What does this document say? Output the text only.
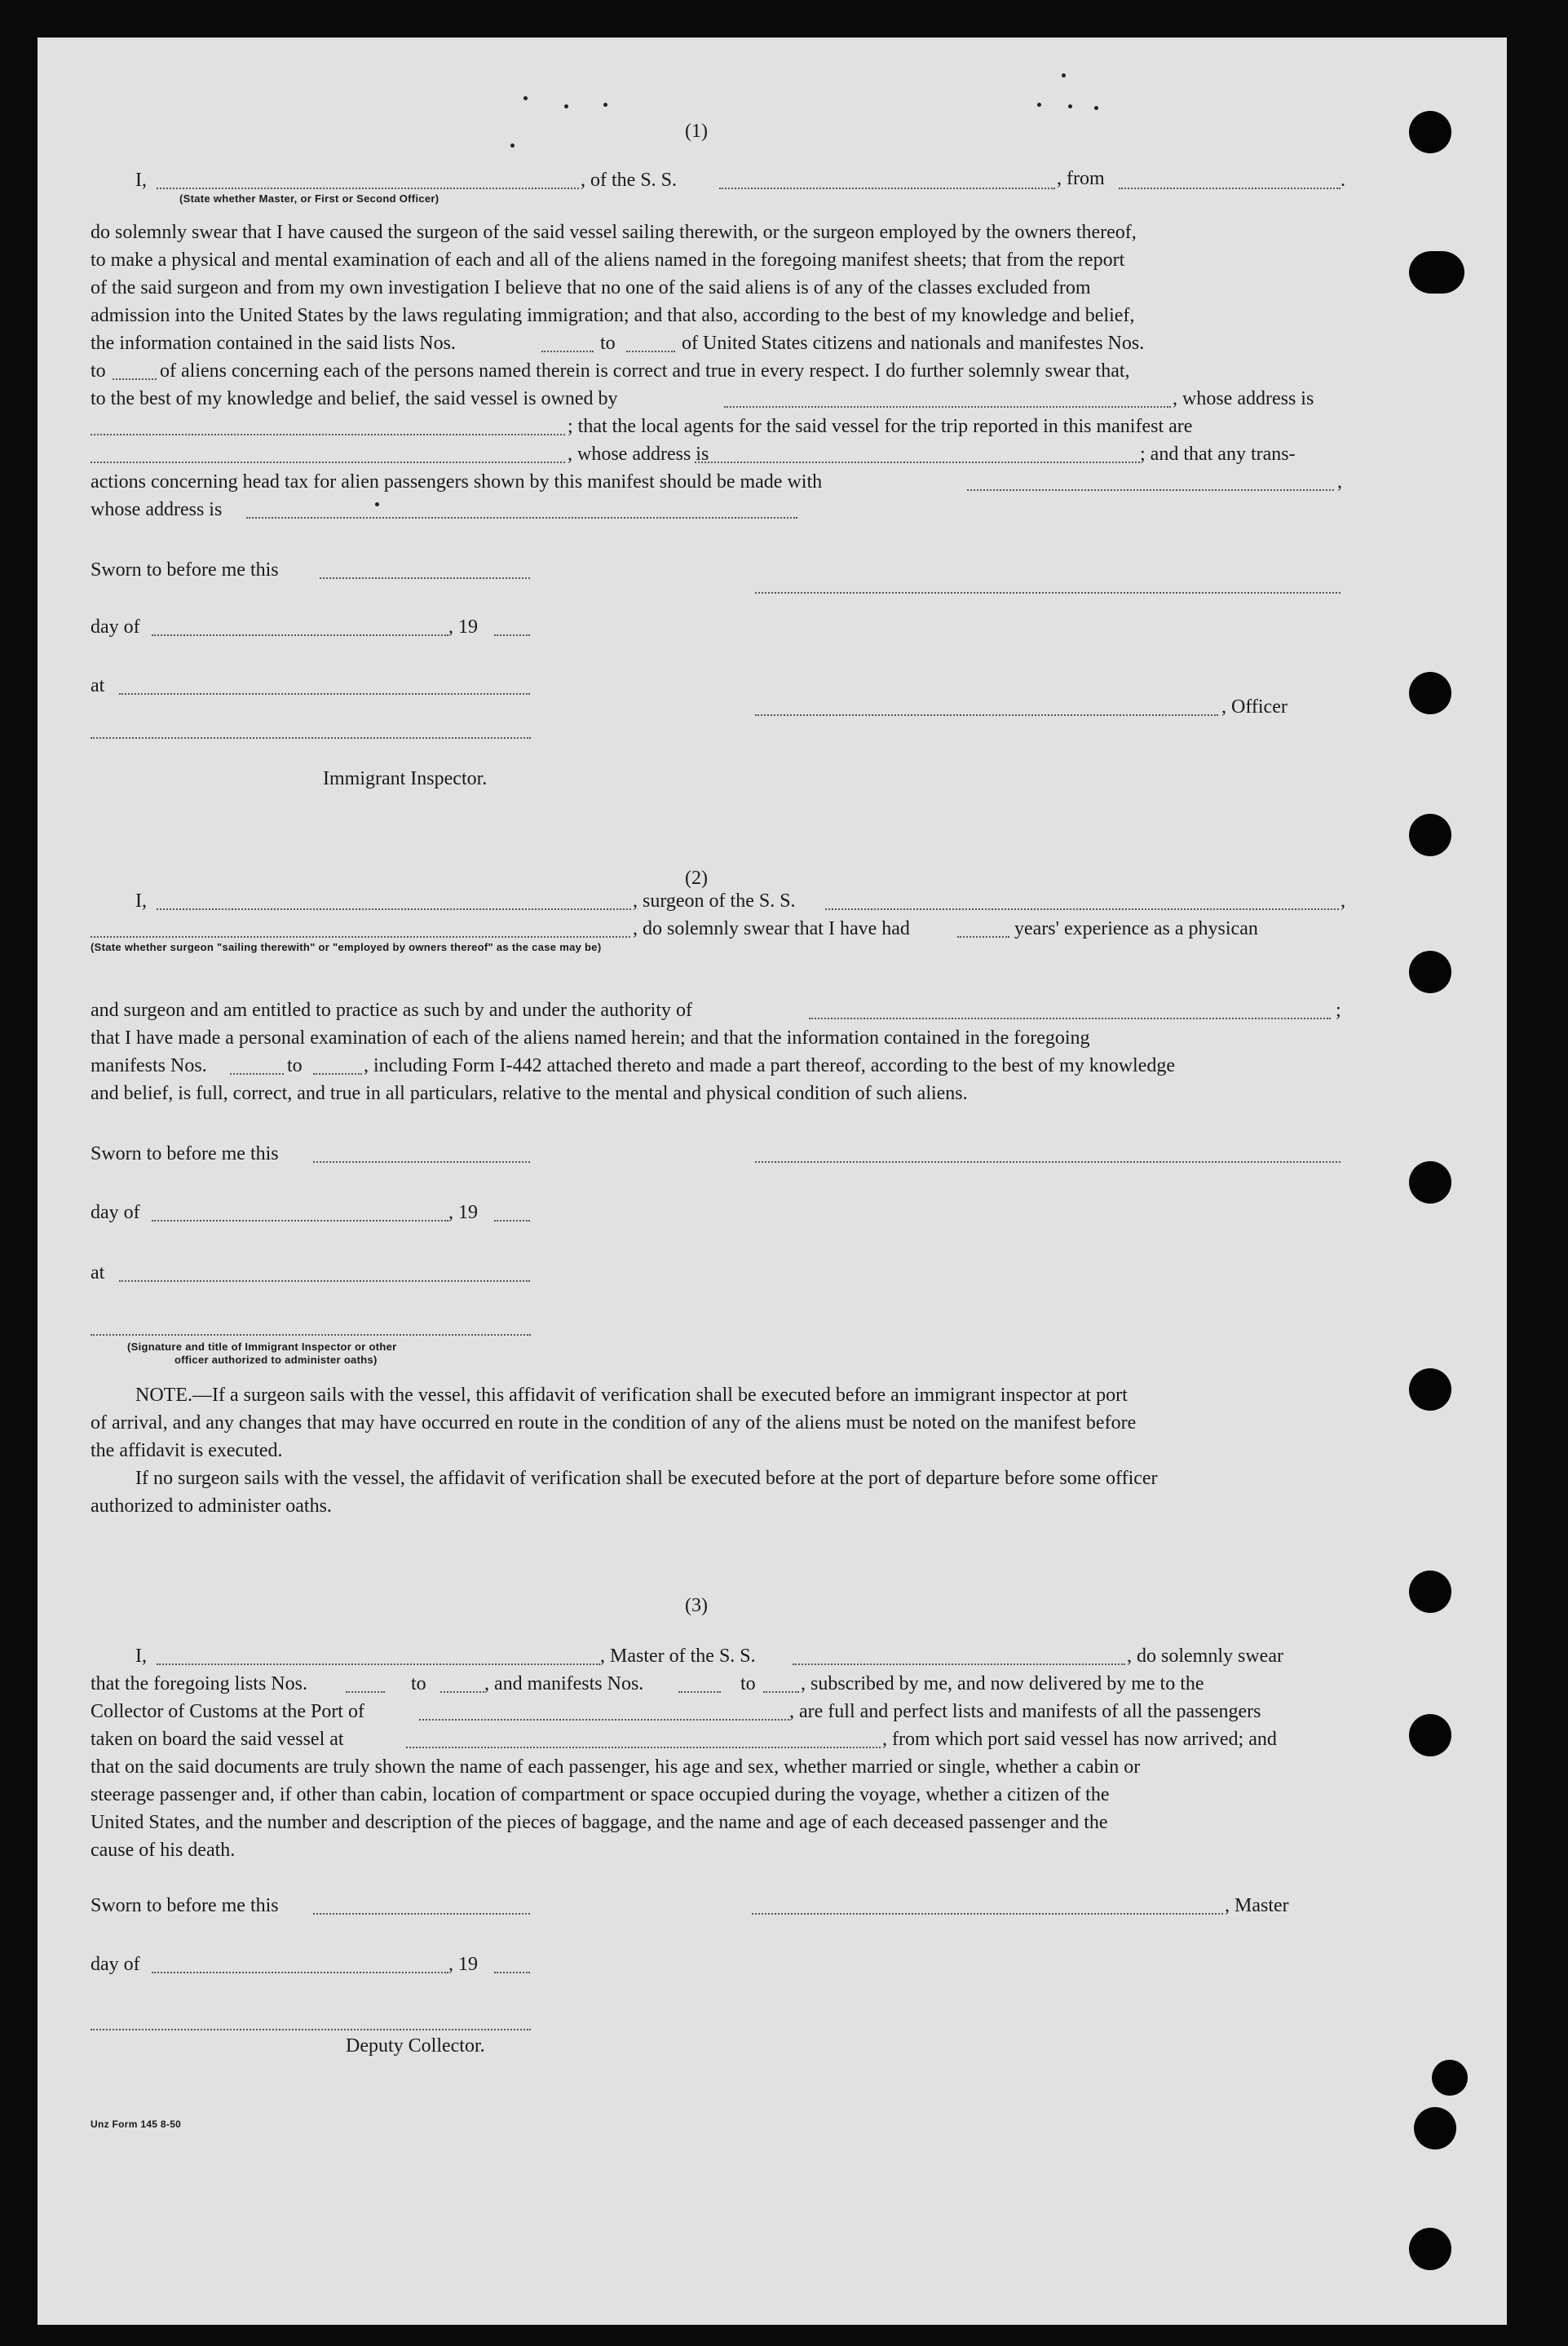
(1)
I,	, of the S. S.	, from	.
(State whether Master, or First or Second Officer)
do solemnly swear that I have caused the surgeon of the said vessel sailing therewith, or the surgeon employed by the owners thereof,
to make a physical and mental examination of each and all of the aliens named in the foregoing manifest sheets; that from the report
of the said surgeon and from my own investigation I believe that no one of the said aliens is of any of the classes excluded from
admission into the United States by the laws regulating immigration; and that also, according to the best of my knowledge and belief,
the information contained in the said lists Nos.	to	of United States citizens and nationals and manifestes Nos.
to	of aliens concerning each of the persons named therein is correct and true in every respect. I do further solemnly swear that,
to the best of my knowledge and belief, the said vessel is owned by	, whose address is
; that the local agents for the said vessel for the trip reported in this manifest are
, whose address is	; and that any trans-
actions concerning head tax for alien passengers shown by this manifest should be made with	,
whose address is
Sworn to before me this
day of	, 19
at
, Officer
Immigrant Inspector.
(2)
I,	, surgeon of the S. S.	,
, do solemnly swear that I have had	years' experience as a physican
(State whether surgeon "sailing therewith" or "employed by owners thereof" as the case may be)
and surgeon and am entitled to practice as such by and under the authority of	;
that I have made a personal examination of each of the aliens named herein; and that the information contained in the foregoing
manifests Nos.	to	, including Form I-442 attached thereto and made a part thereof, according to the best of my knowledge
and belief, is full, correct, and true in all particulars, relative to the mental and physical condition of such aliens.
Sworn to before me this
day of	, 19
at
(Signature and title of Immigrant Inspector or other
officer authorized to administer oaths)
NOTE.—If a surgeon sails with the vessel, this affidavit of verification shall be executed before an immigrant inspector at port
of arrival, and any changes that may have occurred en route in the condition of any of the aliens must be noted on the manifest before
the affidavit is executed.
If no surgeon sails with the vessel, the affidavit of verification shall be executed before at the port of departure before some officer
authorized to administer oaths.
(3)
I,	, Master of the S. S.	, do solemnly swear
that the foregoing lists Nos.	to	, and manifests Nos.	to , subscribed by me, and now delivered by me to the
Collector of Customs at the Port of	, are full and perfect lists and manifests of all the passengers
taken on board the said vessel at	, from which port said vessel has now arrived; and
that on the said documents are truly shown the name of each passenger, his age and sex, whether married or single, whether a cabin or
steerage passenger and, if other than cabin, location of compartment or space occupied during the voyage, whether a citizen of the
United States, and the number and description of the pieces of baggage, and the name and age of each deceased passenger and the
cause of his death.
Sworn to before me this	, Master
day of	, 19
Deputy Collector.
Unz Form 145 8-50
